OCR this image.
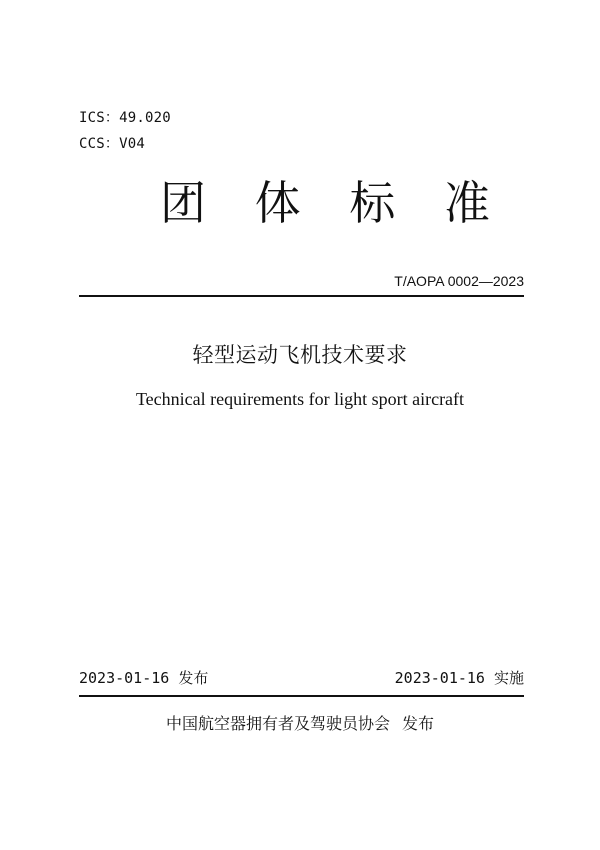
ICS：49.020
CCS：V04
团 体 标 准
T/AOPA 0002—2023
轻型运动飞机技术要求
Technical requirements for light sport aircraft
2023-01-16 发布	2023-01-16 实施
中国航空器拥有者及驾驶员协会   发布
